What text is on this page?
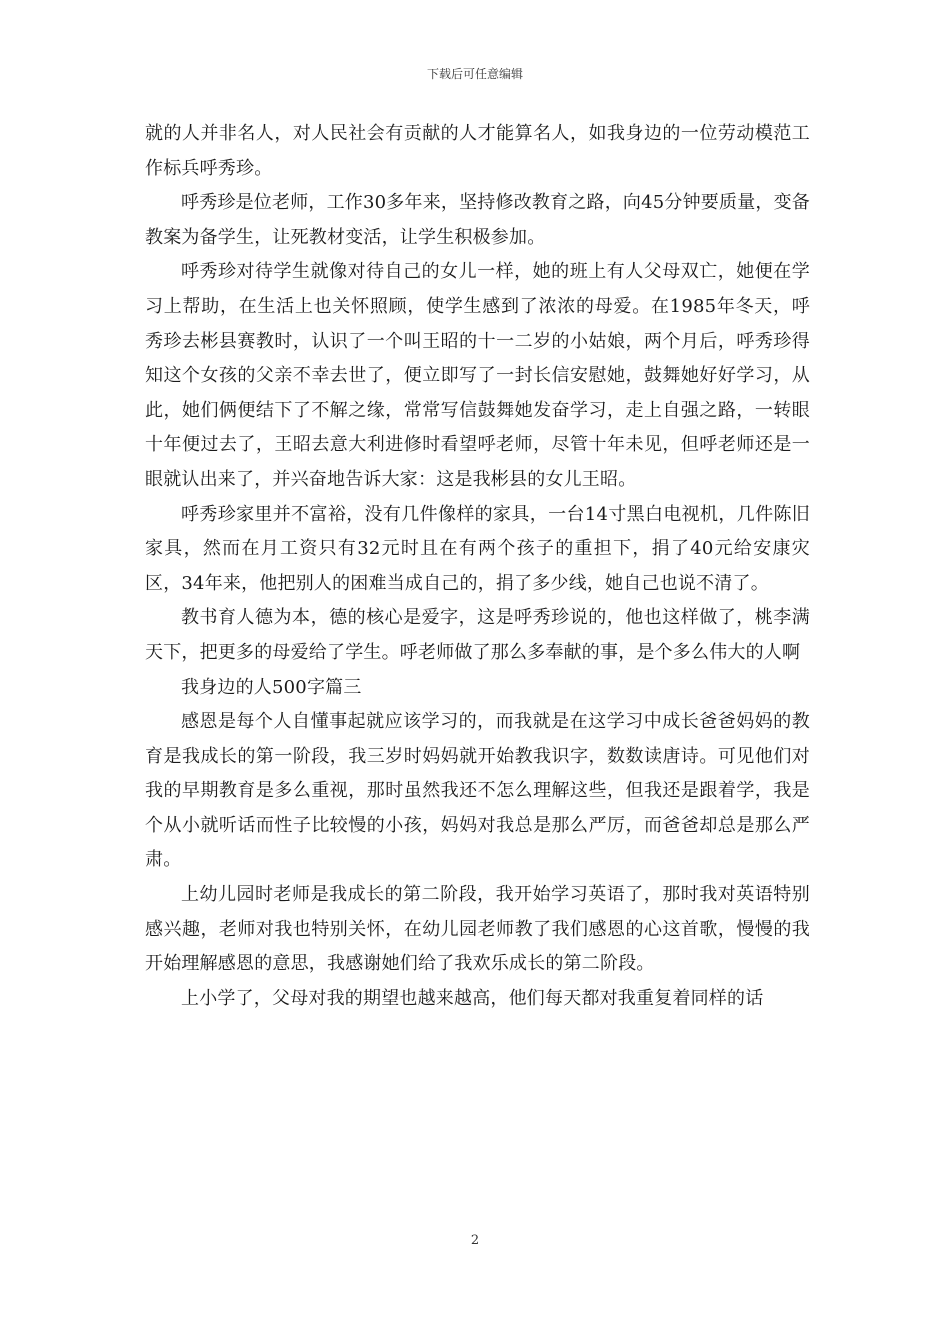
下载后可任意编辑

就的人并非名人，对人民社会有贡献的人才能算名人，如我身边的一位劳动模范工作标兵呼秀珍。

呼秀珍是位老师，工作30多年来，坚持修改教育之路，向45分钟要质量，变备教案为备学生，让死教材变活，让学生积极参加。

呼秀珍对待学生就像对待自己的女儿一样，她的班上有人父母双亡，她便在学习上帮助，在生活上也关怀照顾，使学生感到了浓浓的母爱。在1985年冬天，呼秀珍去彬县赛教时，认识了一个叫王昭的十一二岁的小姑娘，两个月后，呼秀珍得知这个女孩的父亲不幸去世了，便立即写了一封长信安慰她，鼓舞她好好学习，从此，她们俩便结下了不解之缘，常常写信鼓舞她发奋学习，走上自强之路，一转眼十年便过去了，王昭去意大利进修时看望呼老师，尽管十年未见，但呼老师还是一眼就认出来了，并兴奋地告诉大家：这是我彬县的女儿王昭。

呼秀珍家里并不富裕，没有几件像样的家具，一台14寸黑白电视机，几件陈旧家具，然而在月工资只有32元时且在有两个孩子的重担下，捐了40元给安康灾区，34年来，他把别人的困难当成自己的，捐了多少线，她自己也说不清了。

教书育人德为本，德的核心是爱字，这是呼秀珍说的，他也这样做了，桃李满天下，把更多的母爱给了学生。呼老师做了那么多奉献的事，是个多么伟大的人啊

我身边的人500字篇三

感恩是每个人自懂事起就应该学习的，而我就是在这学习中成长爸爸妈妈的教育是我成长的第一阶段，我三岁时妈妈就开始教我识字，数数读唐诗。可见他们对我的早期教育是多么重视，那时虽然我还不怎么理解这些，但我还是跟着学，我是个从小就听话而性子比较慢的小孩，妈妈对我总是那么严厉，而爸爸却总是那么严肃。

上幼儿园时老师是我成长的第二阶段，我开始学习英语了，那时我对英语特别感兴趣，老师对我也特别关怀，在幼儿园老师教了我们感恩的心这首歌，慢慢的我开始理解感恩的意思，我感谢她们给了我欢乐成长的第二阶段。

上小学了，父母对我的期望也越来越高，他们每天都对我重复着同样的话

2
